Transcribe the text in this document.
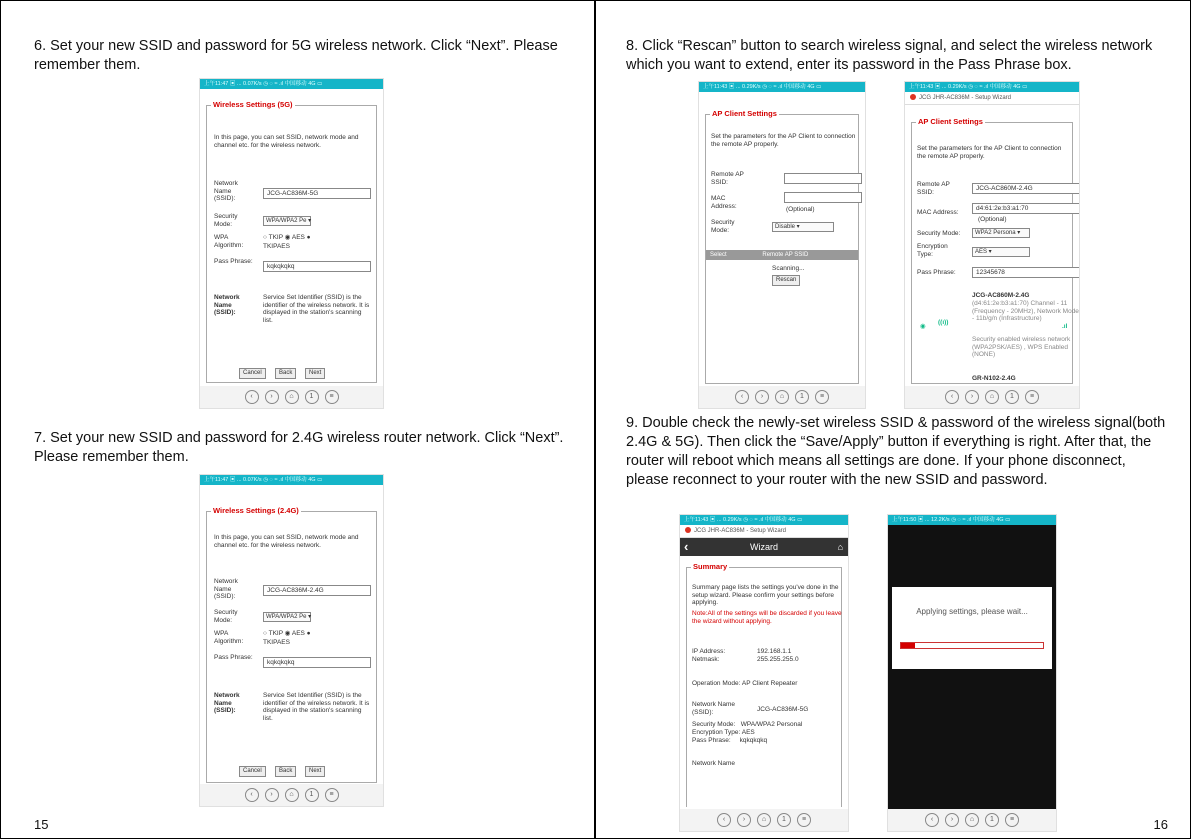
6. Set your new SSID and password for 5G wireless network. Click “Next”. Please remember them.
上午11:47 ▣ ... 0.07K/s ◷ ◌ ≈ .ıl 中国移动 4G ▭
Wireless Settings (5G)
In this page, you can set SSID, network mode and channel etc. for the wireless network.
Network Name (SSID):
JCG-AC836M-5G
Security Mode:	WPA/WPA2 Pe ▾
WPA Algorithm:
○ TKIP ◉ AES ●
TKIPAES
Pass Phrase:
kqkqkqkq
Network Name (SSID):
Service Set Identifier (SSID) is the identifier of the wireless network. It is displayed in the station's scanning list.
Cancel	Back	Next
‹	›	⌂	1	≡
7. Set your new SSID and password for 2.4G wireless router network. Click “Next”. Please remember them.
上午11:47 ▣ ... 0.07K/s ◷ ◌ ≈ .ıl 中国移动 4G ▭
Wireless Settings (2.4G)
In this page, you can set SSID, network mode and channel etc. for the wireless network.
Network Name (SSID):
JCG-AC836M-2.4G
Security Mode:	WPA/WPA2 Pe ▾
WPA Algorithm:
○ TKIP ◉ AES ●
TKIPAES
Pass Phrase:
kqkqkqkq
Network Name (SSID):
Service Set Identifier (SSID) is the identifier of the wireless network. It is displayed in the station's scanning list.
Cancel	Back	Next
‹	›	⌂	1	≡
15
8. Click “Rescan” button to search wireless signal, and select the wireless network which you want to extend, enter its password in the Pass Phrase box.
上午11:43 ▣ ... 0.29K/s ◷ ◌ ≈ .ıl 中国移动 4G ▭
AP Client Settings
Set the parameters for the AP Client to connection the remote AP properly.
Remote AP SSID:
MAC Address:	(Optional)
Security Mode:	Disable ▾
Select	Remote AP SSID
Scanning...
Rescan
‹	›	⌂	1	≡
上午11:43 ▣ ... 0.29K/s ◷ ◌ ≈ .ıl 中国移动 4G ▭
JCG JHR-AC836M - Setup Wizard
AP Client Settings
Set the parameters for the AP Client to connection the remote AP properly.
Remote AP SSID:	JCG-AC860M-2.4G
MAC Address:
d4:61:2e:b3:a1:70
(Optional)
Security Mode:	WPA2 Persona ▾
Encryption Type:	AES ▾
Pass Phrase:	12345678
JCG-AC860M-2.4G
(d4:61:2e:b3:a1:70) Channel - 11 (Frequency - 20MHz), Network Mode - 11b/g/n (Infrastructure)
Security enabled wireless network (WPA2PSK/AES) , WPS Enabled (NONE)
◉
((ı))
.ıl
GR-N102-2.4G
‹	›	⌂	1	≡
9. Double check the newly-set wireless SSID & password of the wireless signal(both 2.4G & 5G). Then click the “Save/Apply” button if everything is right. After that, the router will reboot which means all settings are done. If your phone disconnect, please reconnect to your router with the new SSID and password.
上午11:43 ▣ ... 0.29K/s ◷ ◌ ≈ .ıl 中国移动 4G ▭
JCG JHR-AC836M - Setup Wizard
‹	Wizard	⌂
Summary
Summary page lists the settings you've done in the setup wizard. Please confirm your settings before applying.
Note:All of the settings will be discarded if you leave the wizard without applying.
IP Address:	192.168.1.1
Netmask:	255.255.255.0
Operation Mode: AP Client Repeater
Network Name (SSID):	JCG-AC836M-5G
Security Mode:   WPA/WPA2 Personal
Encryption Type: AES
Pass Phrase:     kqkqkqkq
Network Name
‹	›	⌂	1	≡
上午11:50 ▣ ... 12.2K/s ◷ ◌ ≈ .ıl 中国移动 4G ▭
Applying settings, please wait...
‹	›	⌂	1	≡	16
